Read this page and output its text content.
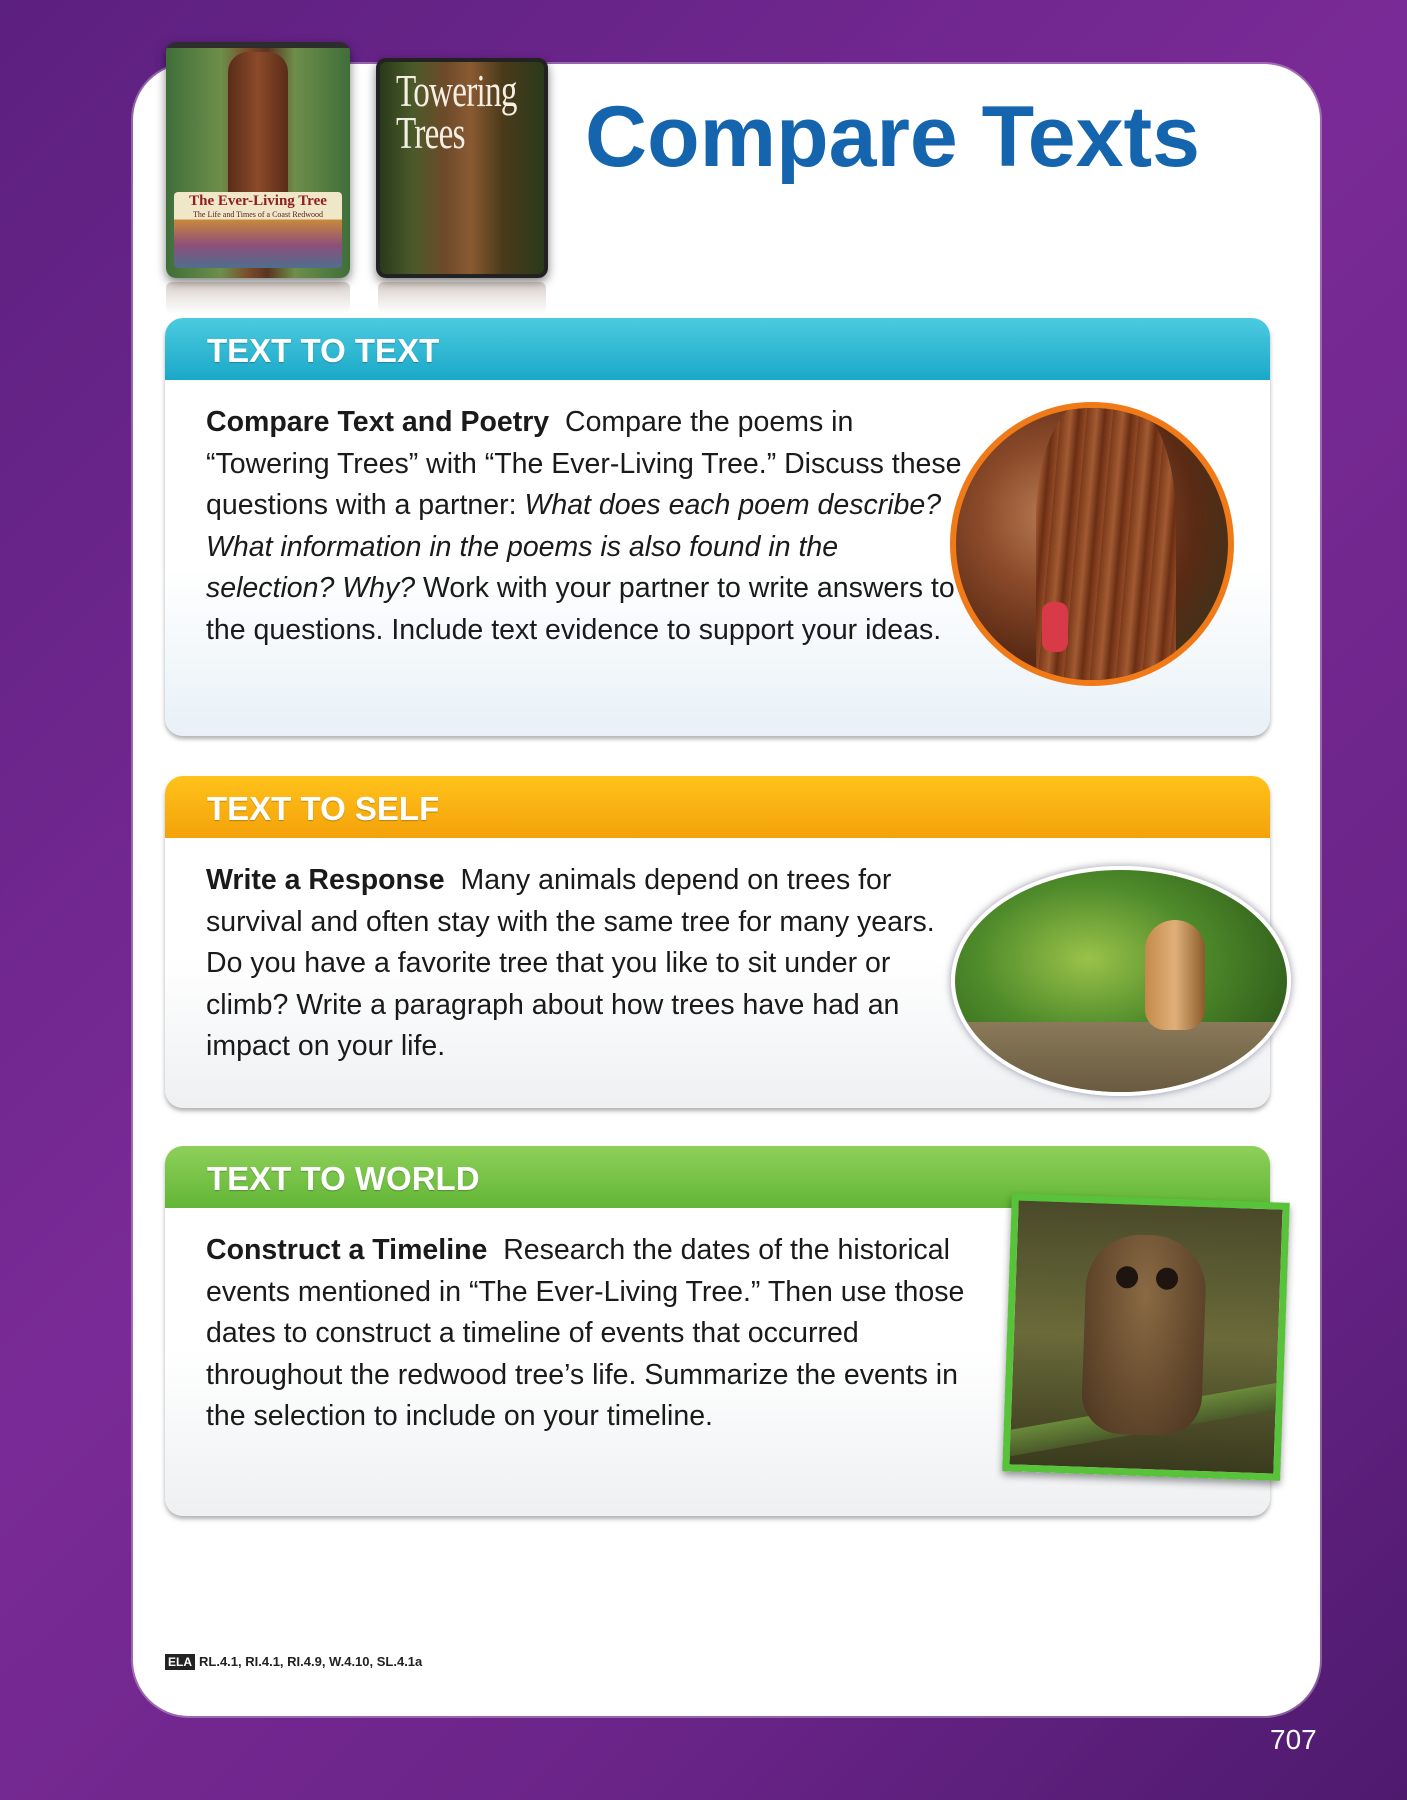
The Ever-Living Tree
The Life and Times of a Coast Redwood
Towering
Trees	Compare Texts
TEXT TO TEXT
Compare Text and Poetry Compare the poems in “Towering Trees” with “The Ever-Living Tree.” Discuss these questions with a partner: What does each poem describe? What information in the poems is also found in the selection? Why? Work with your partner to write answers to the questions. Include text evidence to support your ideas.
TEXT TO SELF
Write a Response Many animals depend on trees for survival and often stay with the same tree for many years. Do you have a favorite tree that you like to sit under or climb? Write a paragraph about how trees have had an impact on your life.
TEXT TO WORLD
Construct a Timeline Research the dates of the historical events mentioned in “The Ever-Living Tree.” Then use those dates to construct a timeline of events that occurred throughout the redwood tree’s life. Summarize the events in the selection to include on your timeline.
ELA RL.4.1, RI.4.1, RI.4.9, W.4.10, SL.4.1a
707
